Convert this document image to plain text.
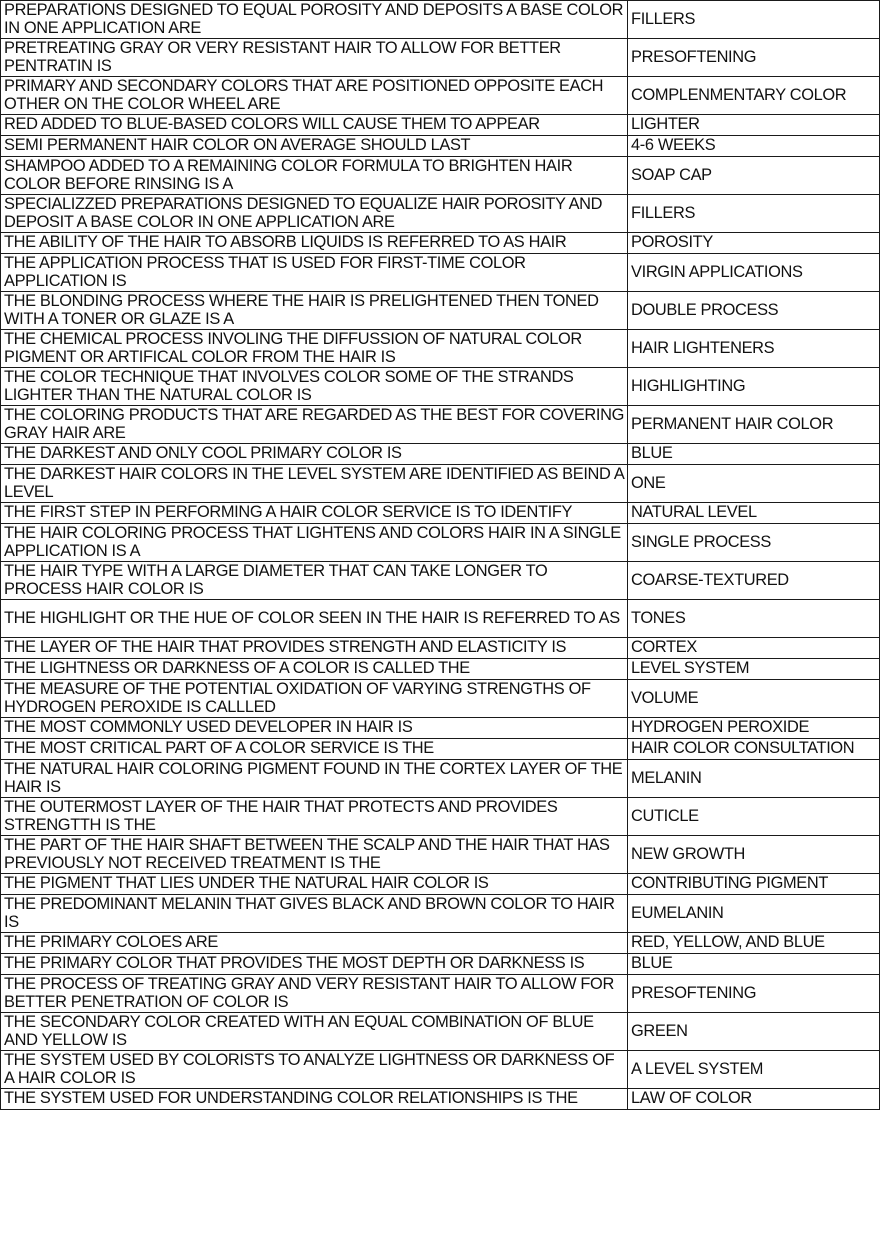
PREPARATIONS DESIGNED TO EQUAL POROSITY AND DEPOSITS A BASE COLOR IN ONE APPLICATION ARE	FILLERS
PRETREATING GRAY OR VERY RESISTANT HAIR TO ALLOW FOR BETTER PENTRATIN IS	PRESOFTENING
PRIMARY AND SECONDARY COLORS THAT ARE POSITIONED OPPOSITE EACH OTHER ON THE COLOR WHEEL ARE	COMPLENMENTARY COLOR
RED ADDED TO BLUE-BASED COLORS WILL CAUSE THEM TO APPEAR	LIGHTER
SEMI PERMANENT HAIR COLOR ON AVERAGE SHOULD LAST	4-6 WEEKS
SHAMPOO ADDED TO A REMAINING COLOR FORMULA TO BRIGHTEN HAIR COLOR BEFORE RINSING IS A	SOAP CAP
SPECIALIZZED PREPARATIONS DESIGNED TO EQUALIZE HAIR POROSITY AND DEPOSIT A BASE COLOR IN ONE APPLICATION ARE	FILLERS
THE ABILITY OF THE HAIR TO ABSORB LIQUIDS IS REFERRED TO AS HAIR	POROSITY
THE APPLICATION PROCESS THAT IS USED FOR FIRST-TIME COLOR APPLICATION IS	VIRGIN APPLICATIONS
THE BLONDING PROCESS WHERE THE HAIR IS PRELIGHTENED THEN TONED WITH A TONER OR GLAZE IS A	DOUBLE PROCESS
THE CHEMICAL PROCESS INVOLING THE DIFFUSSION OF NATURAL COLOR PIGMENT OR ARTIFICAL COLOR FROM THE HAIR IS	HAIR LIGHTENERS
THE COLOR TECHNIQUE THAT INVOLVES COLOR SOME OF THE STRANDS LIGHTER THAN THE NATURAL COLOR IS	HIGHLIGHTING
THE COLORING PRODUCTS THAT ARE REGARDED AS THE BEST FOR COVERING GRAY HAIR ARE	PERMANENT HAIR COLOR
THE DARKEST AND ONLY COOL PRIMARY COLOR IS	BLUE
THE DARKEST HAIR COLORS IN THE LEVEL SYSTEM ARE IDENTIFIED AS BEIND A LEVEL	ONE
THE FIRST STEP IN PERFORMING A HAIR COLOR SERVICE IS TO IDENTIFY	NATURAL LEVEL
THE HAIR COLORING PROCESS THAT LIGHTENS AND COLORS HAIR IN A SINGLE APPLICATION IS A	SINGLE PROCESS
THE HAIR TYPE WITH A LARGE DIAMETER THAT CAN TAKE LONGER TO PROCESS HAIR COLOR IS	COARSE-TEXTURED
THE HIGHLIGHT OR THE HUE OF COLOR SEEN IN THE HAIR IS REFERRED TO AS	TONES
THE LAYER OF THE HAIR THAT PROVIDES STRENGTH AND ELASTICITY IS	CORTEX
THE LIGHTNESS OR DARKNESS OF A COLOR IS CALLED THE	LEVEL SYSTEM
THE MEASURE OF THE POTENTIAL OXIDATION OF VARYING STRENGTHS OF HYDROGEN PEROXIDE IS CALLLED	VOLUME
THE MOST COMMONLY USED DEVELOPER IN HAIR IS	HYDROGEN PEROXIDE
THE MOST CRITICAL PART OF A COLOR SERVICE IS THE	HAIR COLOR CONSULTATION
THE NATURAL HAIR COLORING PIGMENT FOUND IN THE CORTEX LAYER OF THE HAIR IS	MELANIN
THE OUTERMOST LAYER OF THE HAIR THAT PROTECTS AND PROVIDES STRENGTTH IS THE	CUTICLE
THE PART OF THE HAIR SHAFT BETWEEN THE SCALP AND THE HAIR THAT HAS PREVIOUSLY NOT RECEIVED TREATMENT IS THE	NEW GROWTH
THE PIGMENT THAT LIES UNDER THE NATURAL HAIR COLOR IS	CONTRIBUTING PIGMENT
THE PREDOMINANT MELANIN THAT GIVES BLACK AND BROWN COLOR TO HAIR IS	EUMELANIN
THE PRIMARY COLOES ARE	RED, YELLOW, AND BLUE
THE PRIMARY COLOR THAT PROVIDES THE MOST DEPTH OR DARKNESS IS	BLUE
THE PROCESS OF TREATING GRAY AND VERY RESISTANT HAIR TO ALLOW FOR BETTER PENETRATION OF COLOR IS	PRESOFTENING
THE SECONDARY COLOR CREATED WITH AN EQUAL COMBINATION OF BLUE AND YELLOW IS	GREEN
THE SYSTEM USED BY COLORISTS TO ANALYZE LIGHTNESS OR DARKNESS OF A HAIR COLOR IS	A LEVEL SYSTEM
THE SYSTEM USED FOR UNDERSTANDING COLOR RELATIONSHIPS IS THE	LAW OF COLOR
